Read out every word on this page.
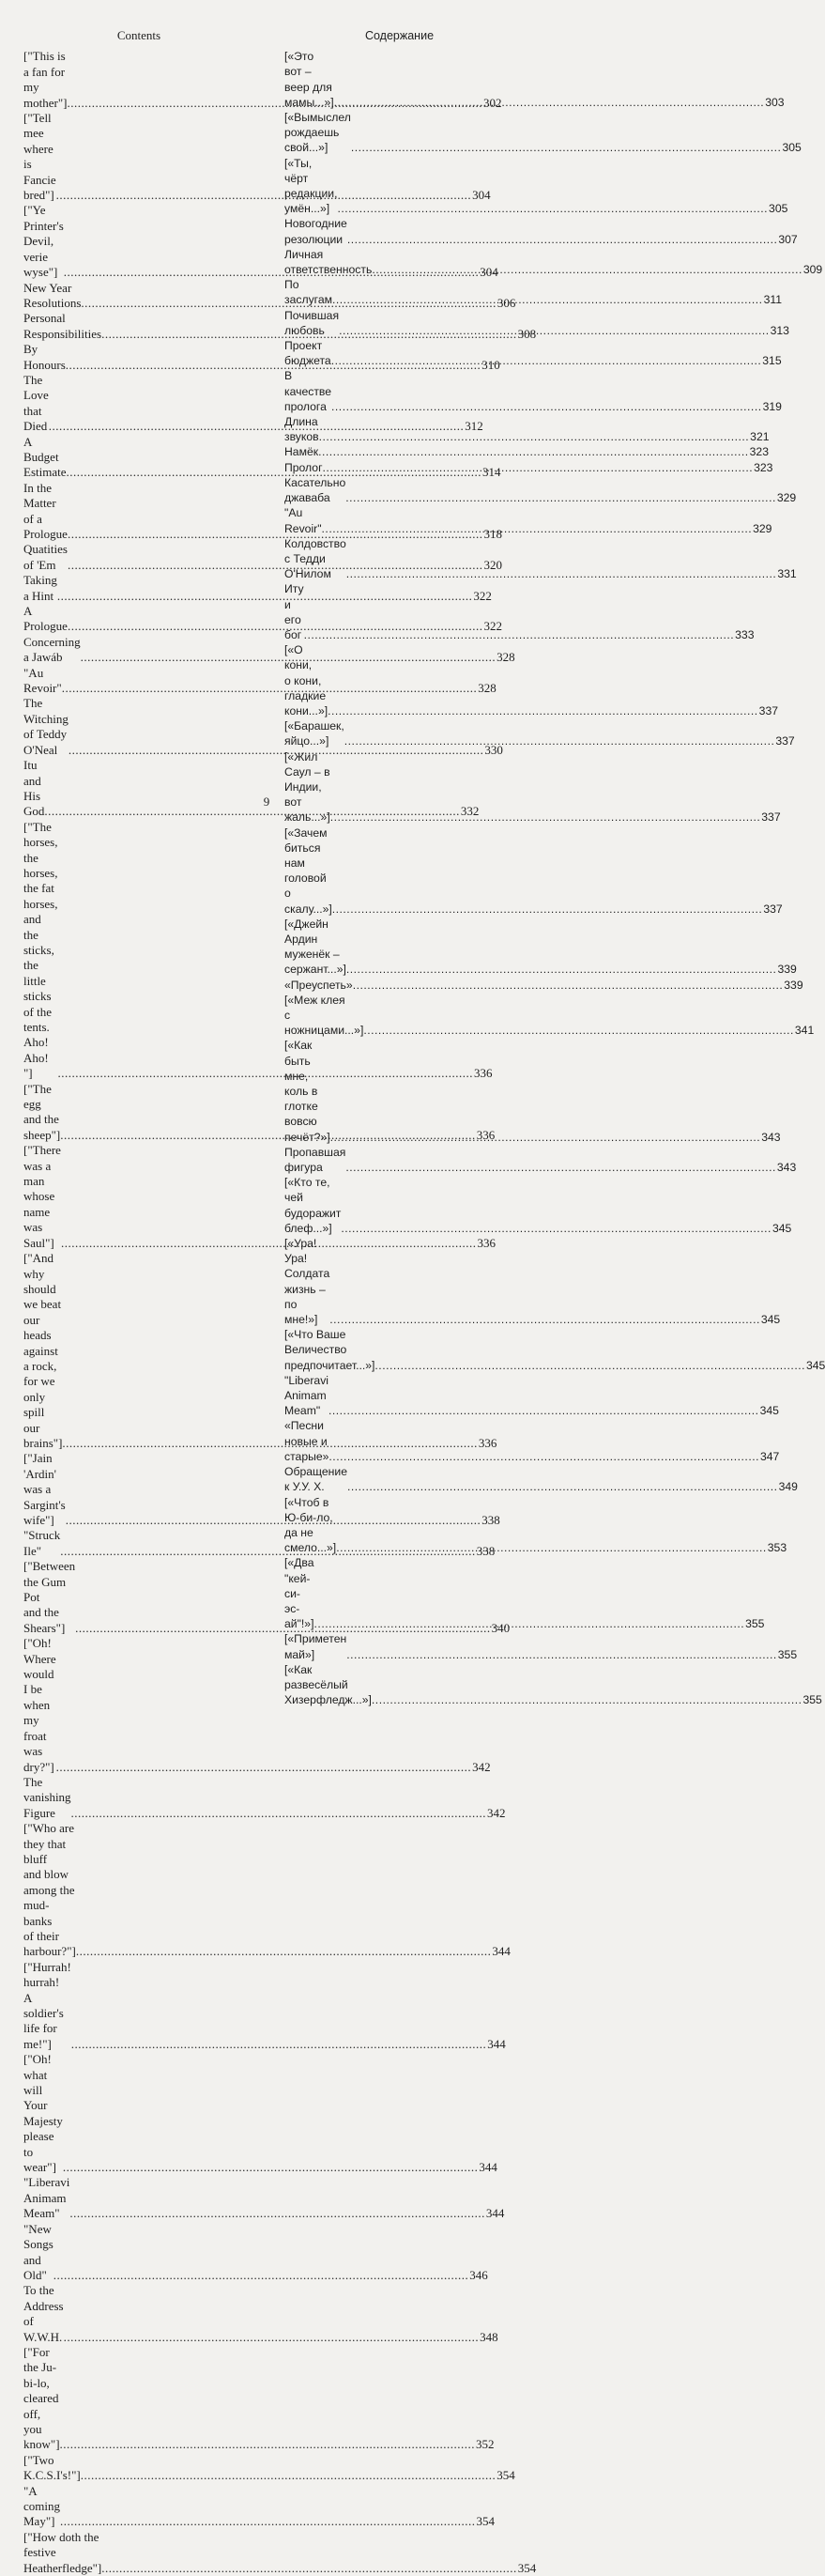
Contents
["This is a fan for my mother"] .....	302
["Tell mee where is Fancie bred"] .....	304
["Ye Printer's Devil, verie wyse"] .....	304
New Year Resolutions .....	306
Personal Responsibilities .....	308
By Honours .....	310
The Love that Died .....	312
A Budget Estimate .....	314
In the Matter of a Prologue .....	318
Quatities of 'Em .....	320
Taking a Hint .....	322
A Prologue .....	322
Concerning a Jawáb .....	328
"Au Revoir" .....	328
The Witching of Teddy O'Neal .....	330
Itu and His God .....	332
["The horses, the horses,
the fat horses, and the sticks,
the little sticks of the tents.
Aho! Aho! "] .....	336
["The egg and the sheep"] .....	336
["There was a man whose name
was Saul"] .....	336
["And why should we beat our
heads against a rock,
for we only spill our brains"] .....	336
["Jain 'Ardin'
was a Sargint's wife"] .....	338
"Struck Ile" .....	338
["Between the Gum Pot
and the Shears"] .....	340
["Oh! Where would I be
when my froat was dry?"] .....	342
The vanishing Figure .....	342
["Who are they that bluff
and blow among the mud-banks
of their harbour?"] .....	344
["Hurrah! hurrah!
A soldier's life for me!"] .....	344
["Oh! what will Your Majesty
please to wear"] .....	344
"Liberavi Animam Meam" .....	344
"New Songs and Old" .....	346
To the Address of W.W.H. .....	348
["For the Ju-bi-lo, cleared off,
you know"] .....	352
["Two K.C.S.I's!"] .....	354
"A coming May"] .....	354
["How doth the festive
Heatherfledge"] .....	354
Содержание
[«Это вот – веер для мамы...»] .....	303
[«Вымыслел рождаешь свой...»] .....	305
[«Ты, чёрт редакции, умён...»] .....	305
Новогодние резолюции .....	307
Личная ответственность .....	309
По заслугам .....	311
Почившая любовь .....	313
Проект бюджета .....	315
В качестве пролога .....	319
Длина звуков .....	321
Намёк .....	323
Пролог .....	323
Касательно джаваба .....	329
"Au Revoir" .....	329
Колдовство с Тедди О'Нилом .....	331
Иту и его бог .....	333
[«О кони,
о кони,
гладкие
кони...»] .....	337
[«Барашек, яйцо...»] .....	337
[«Жил Саул – в Индии,
вот жаль...»] .....	337
[«Зачем
биться нам
головой о скалу...»] .....	337
[«Джейн Ардин муженёк –
сержант...»] .....	339
«Преуспеть» .....	339
[«Меж клея
с ножницами...»] .....	341
[«Как быть мне,
коль в глотке вовсю печёт?»] .....	343
Пропавшая фигура .....	343
[«Кто те,
чей будоражит
блеф...»] .....	345
[«Ура! Ура!
Солдата жизнь – по мне!»] .....	345
[«Что Ваше Величество
предпочитает...»] .....	345
"Liberavi Animam Meam" .....	345
«Песни новые и старые» .....	347
Обращение к У.У. Х. .....	349
[«Чтоб в Ю-би-ло,
да не смело...»] .....	353
[«Два "кей-си-эс-ай"!»] .....	355
[«Приметен май»] .....	355
[«Как развесёлый
Хизерфледж...»] .....	355
9
